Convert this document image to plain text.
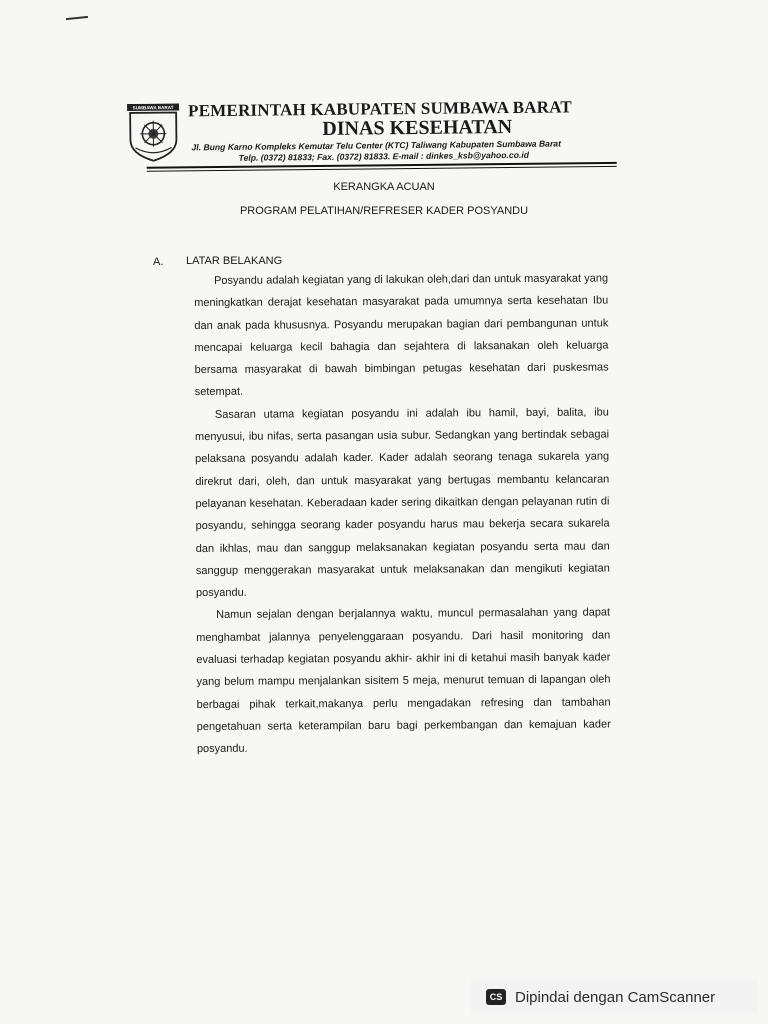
SUMBAWA BARAT PEMERINTAH KABUPATEN SUMBAWA BARAT
DINAS KESEHATAN
Jl. Bung Karno Kompleks Kemutar Telu Center (KTC) Taliwang Kabupaten Sumbawa Barat
Telp. (0372) 81833; Fax. (0372) 81833. E-mail : dinkes_ksb@yahoo.co.id
KERANGKA ACUAN
PROGRAM PELATIHAN/REFRESER KADER POSYANDU
A. LATAR BELAKANG

Posyandu adalah kegiatan yang di lakukan oleh,dari dan untuk masyarakat yang meningkatkan derajat kesehatan masyarakat pada umumnya serta kesehatan Ibu dan anak pada khususnya. Posyandu merupakan bagian dari pembangunan untuk mencapai keluarga kecil bahagia dan sejahtera di laksanakan oleh keluarga bersama masyarakat di bawah bimbingan petugas kesehatan dari puskesmas setempat.

Sasaran utama kegiatan posyandu ini adalah ibu hamil, bayi, balita, ibu menyusui, ibu nifas, serta pasangan usia subur. Sedangkan yang bertindak sebagai pelaksana posyandu adalah kader. Kader adalah seorang tenaga sukarela yang direkrut dari, oleh, dan untuk masyarakat yang bertugas membantu kelancaran pelayanan kesehatan. Keberadaan kader sering dikaitkan dengan pelayanan rutin di posyandu, sehingga seorang kader posyandu harus mau bekerja secara sukarela dan ikhlas, mau dan sanggup melaksanakan kegiatan posyandu serta mau dan sanggup menggerakan masyarakat untuk melaksanakan dan mengikuti kegiatan posyandu.

Namun sejalan dengan berjalannya waktu, muncul permasalahan yang dapat menghambat jalannya penyelenggaraan posyandu. Dari hasil monitoring dan evaluasi terhadap kegiatan posyandu akhir- akhir ini di ketahui masih banyak kader yang belum mampu menjalankan sisitem 5 meja, menurut temuan di lapangan oleh berbagai pihak terkait,makanya perlu mengadakan refresing dan tambahan pengetahuan serta keterampilan baru bagi perkembangan dan kemajuan kader posyandu.

CS Dipindai dengan CamScanner
